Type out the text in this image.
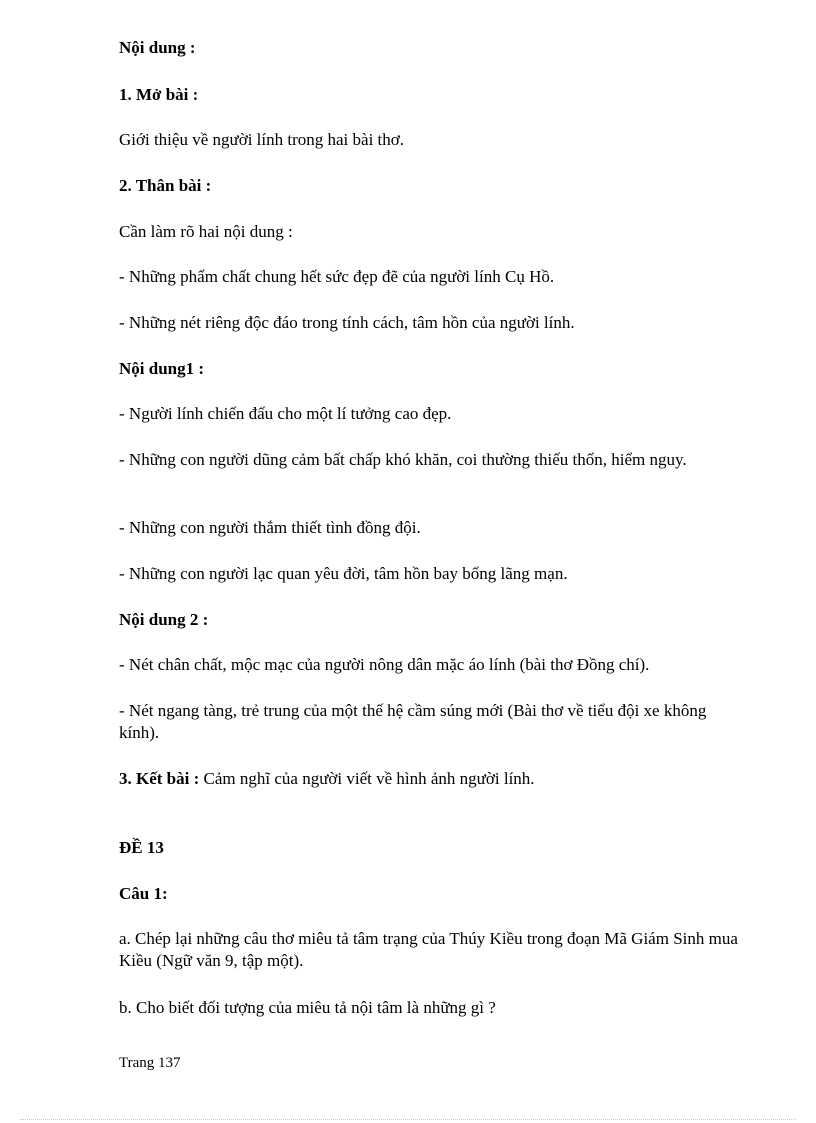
Nội dung :
1. Mở bài :
Giới thiệu về người lính trong hai bài thơ.
2. Thân bài :
Cần làm rõ hai nội dung :
- Những phẩm chất chung hết sức đẹp đẽ của người lính Cụ Hồ.
- Những nét riêng độc đáo trong tính cách, tâm hồn của người lính.
Nội dung1 :
- Người lính chiến đấu cho một lí tưởng cao đẹp.
- Những con người dũng cảm bất chấp khó khăn, coi thường thiếu thốn, hiểm nguy.
- Những con người thắm thiết tình đồng đội.
- Những con người lạc quan yêu đời, tâm hồn bay bổng lãng mạn.
Nội dung 2 :
- Nét chân chất, mộc mạc của người nông dân mặc áo lính (bài thơ Đồng chí).
- Nét ngang tàng, trẻ trung của một thế hệ cầm súng mới (Bài thơ về tiểu đội xe không kính).
3. Kết bài : Cảm nghĩ của người viết về hình ảnh người lính.
ĐỀ 13
Câu 1:
a. Chép lại những câu thơ miêu tả tâm trạng của Thúy Kiều trong đoạn Mã Giám Sinh mua Kiều (Ngữ văn 9, tập một).
b. Cho biết đối tượng của miêu tả nội tâm là những gì ?
Trang 137
